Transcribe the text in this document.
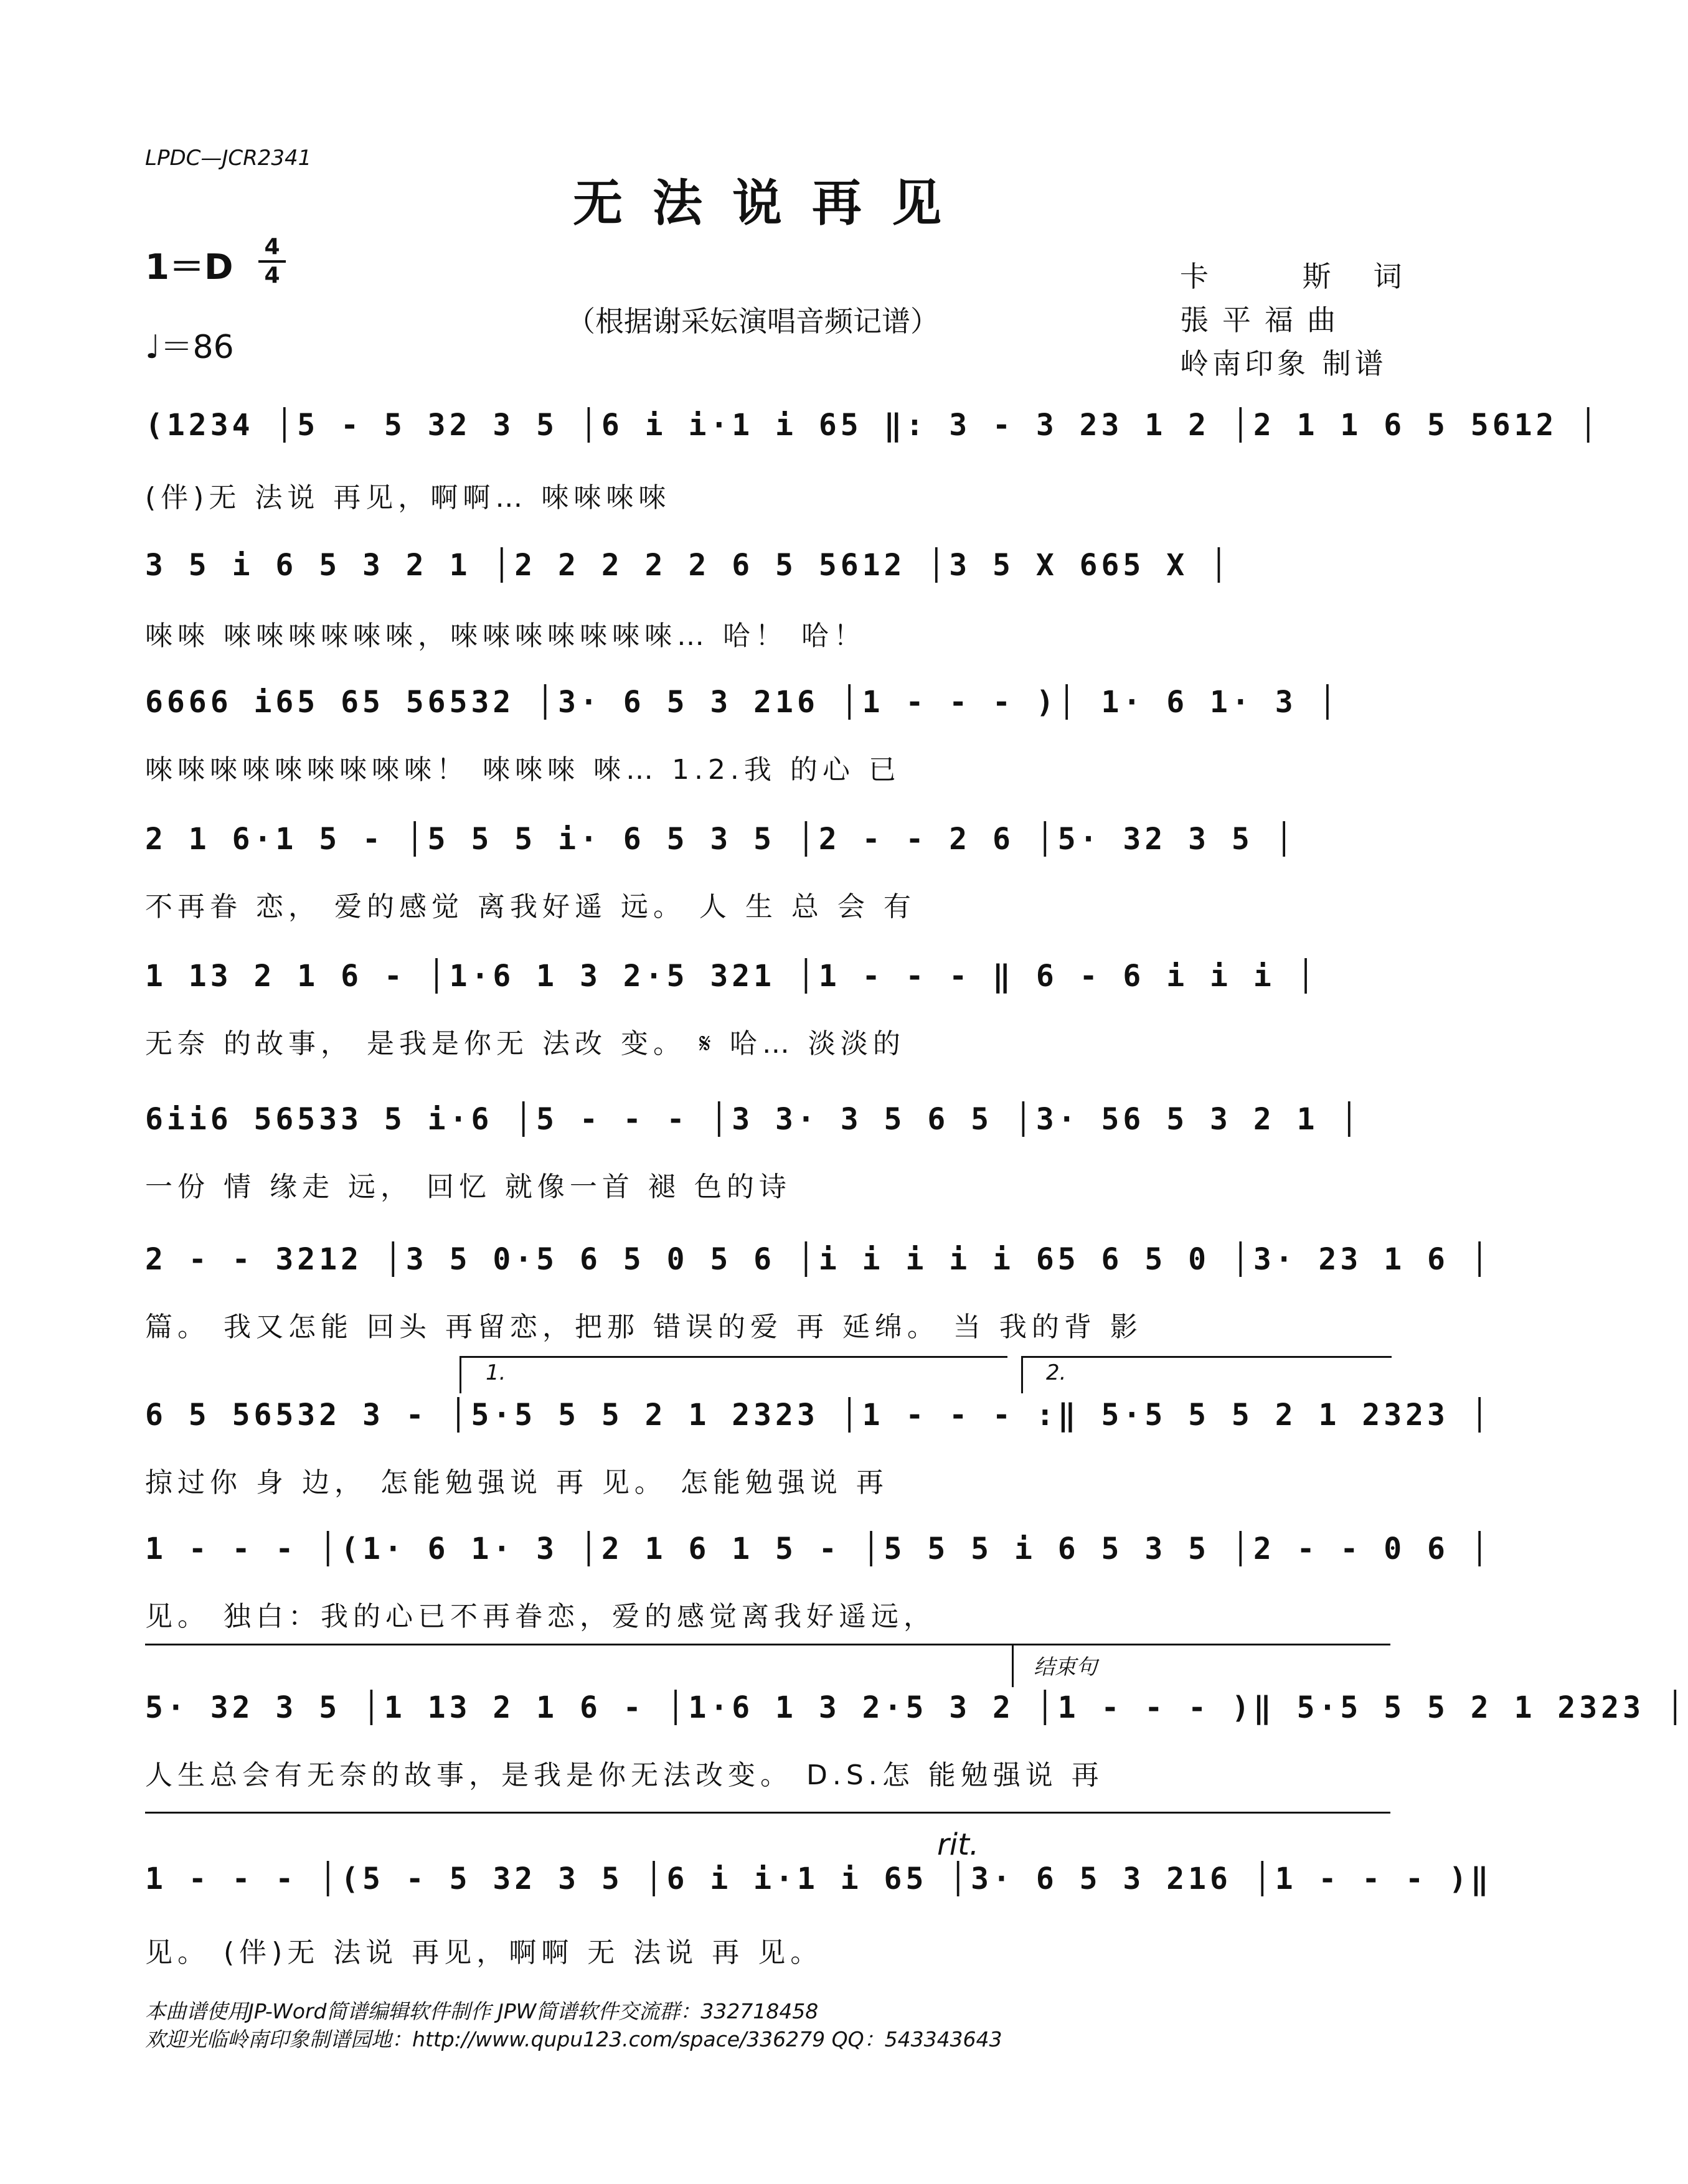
LPDC—JCR2341
无法说再见
1＝D
4
4
♩＝86
（根据谢采妘演唱音频记谱）
卡 斯词
張平福曲
岭南印象 制谱
(1234 │5 - 5 32 3 5 │6 i i·1 i 65 ‖: 3 - 3 23 1 2 │2 1 1 6 5 5612 │
(伴)无 法说 再见，啊啊… 唻唻唻唻
3 5 i 6 5 3 2 1 │2 2 2 2 2 6 5 5612 │3 5 X 665 X │
唻唻 唻唻唻唻唻唻，唻唻唻唻唻唻唻… 哈！ 哈！
6666 i65 65 56532 │3· 6 5 3 216 │1 - - - )│ 1· 6 1· 3 │
唻唻唻唻唻唻唻唻唻！ 唻唻唻 唻… 1.2.我 的心 已
2 1 6·1 5 - │5 5 5 i· 6 5 3 5 │2 - - 2 6 │5· 32 3 5 │
不再眷 恋， 爱的感觉 离我好遥 远。 人 生 总 会 有
1 13 2 1 6 - │1·6 1 3 2·5 321 │1 - - - ‖ 6 - 6 i i i │
无奈 的故事， 是我是你无 法改 变。 𝄋 哈… 淡淡的
6ii6 56533 5 i·6 │5 - - - │3 3· 3 5 6 5 │3· 56 5 3 2 1 │
一份 情 缘走 远， 回忆 就像一首 褪 色的诗
2 - - 3212 │3 5 0·5 6 5 0 5 6 │i i i i i 65 6 5 0 │3· 23 1 6 │
篇。 我又怎能 回头 再留恋，把那 错误的爱 再 延绵。 当 我的背 影
1.	2.
6 5 56532 3 - │5·5 5 5 2 1 2323 │1 - - - :‖ 5·5 5 5 2 1 2323 │
掠过你 身 边， 怎能勉强说 再 见。 怎能勉强说 再
1 - - - │(1· 6 1· 3 │2 1 6 1 5 - │5 5 5 i 6 5 3 5 │2 - - 0 6 │
见。 独白：我的心已不再眷恋，爱的感觉离我好遥远，
结束句
5· 32 3 5 │1 13 2 1 6 - │1·6 1 3 2·5 3 2 │1 - - - )‖ 5·5 5 5 2 1 2323 │
人生总会有无奈的故事，是我是你无法改变。 D.S.怎 能勉强说 再
rit.
1 - - - │(5 - 5 32 3 5 │6 i i·1 i 65 │3· 6 5 3 216 │1 - - - )‖
见。 (伴)无 法说 再见，啊啊 无 法说 再 见。
本曲谱使用JP-Word简谱编辑软件制作 JPW简谱软件交流群：332718458
欢迎光临岭南印象制谱园地：http://www.qupu123.com/space/336279 QQ：543343643
